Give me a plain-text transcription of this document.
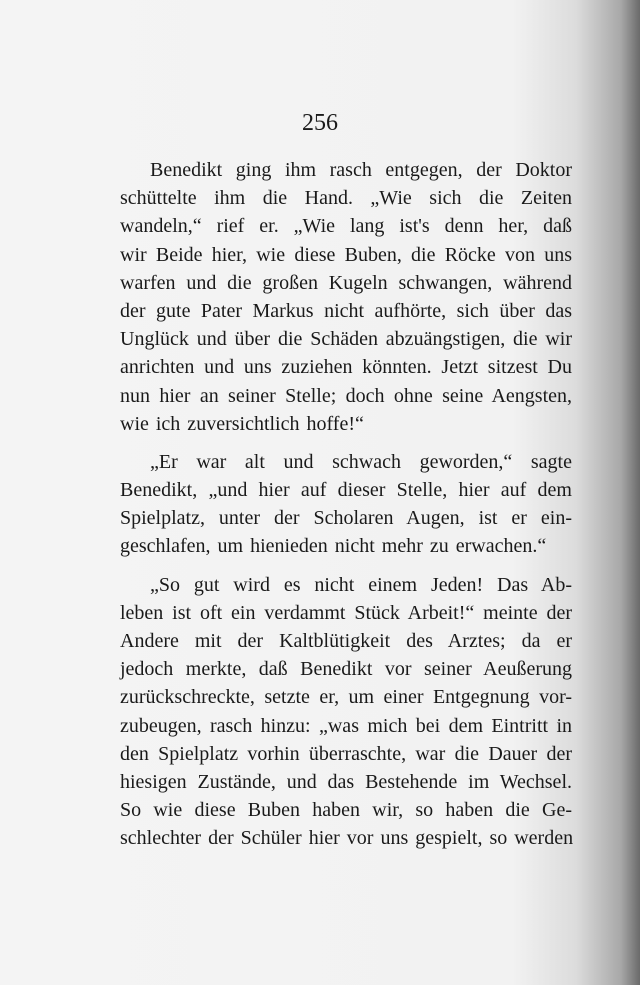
256
Benedikt ging ihm rasch entgegen, der Doktor
schüttelte ihm die Hand. „Wie sich die Zeiten
wandeln,“ rief er. „Wie lang ist's denn her, daß
wir Beide hier, wie diese Buben, die Röcke von uns
warfen und die großen Kugeln schwangen, während
der gute Pater Markus nicht aufhörte, sich über das
Unglück und über die Schäden abzuängstigen, die wir
anrichten und uns zuziehen könnten. Jetzt sitzest Du
nun hier an seiner Stelle; doch ohne seine Aengsten,
wie ich zuversichtlich hoffe!“
„Er war alt und schwach geworden,“ sagte
Benedikt, „und hier auf dieser Stelle, hier auf dem
Spielplatz, unter der Scholaren Augen, ist er ein-
geschlafen, um hienieden nicht mehr zu erwachen.“
„So gut wird es nicht einem Jeden! Das Ab-
leben ist oft ein verdammt Stück Arbeit!“ meinte der
Andere mit der Kaltblütigkeit des Arztes; da er
jedoch merkte, daß Benedikt vor seiner Aeußerung
zurückschreckte, setzte er, um einer Entgegnung vor-
zubeugen, rasch hinzu: „was mich bei dem Eintritt in
den Spielplatz vorhin überraschte, war die Dauer der
hiesigen Zustände, und das Bestehende im Wechsel.
So wie diese Buben haben wir, so haben die Ge-
schlechter der Schüler hier vor uns gespielt, so werden
